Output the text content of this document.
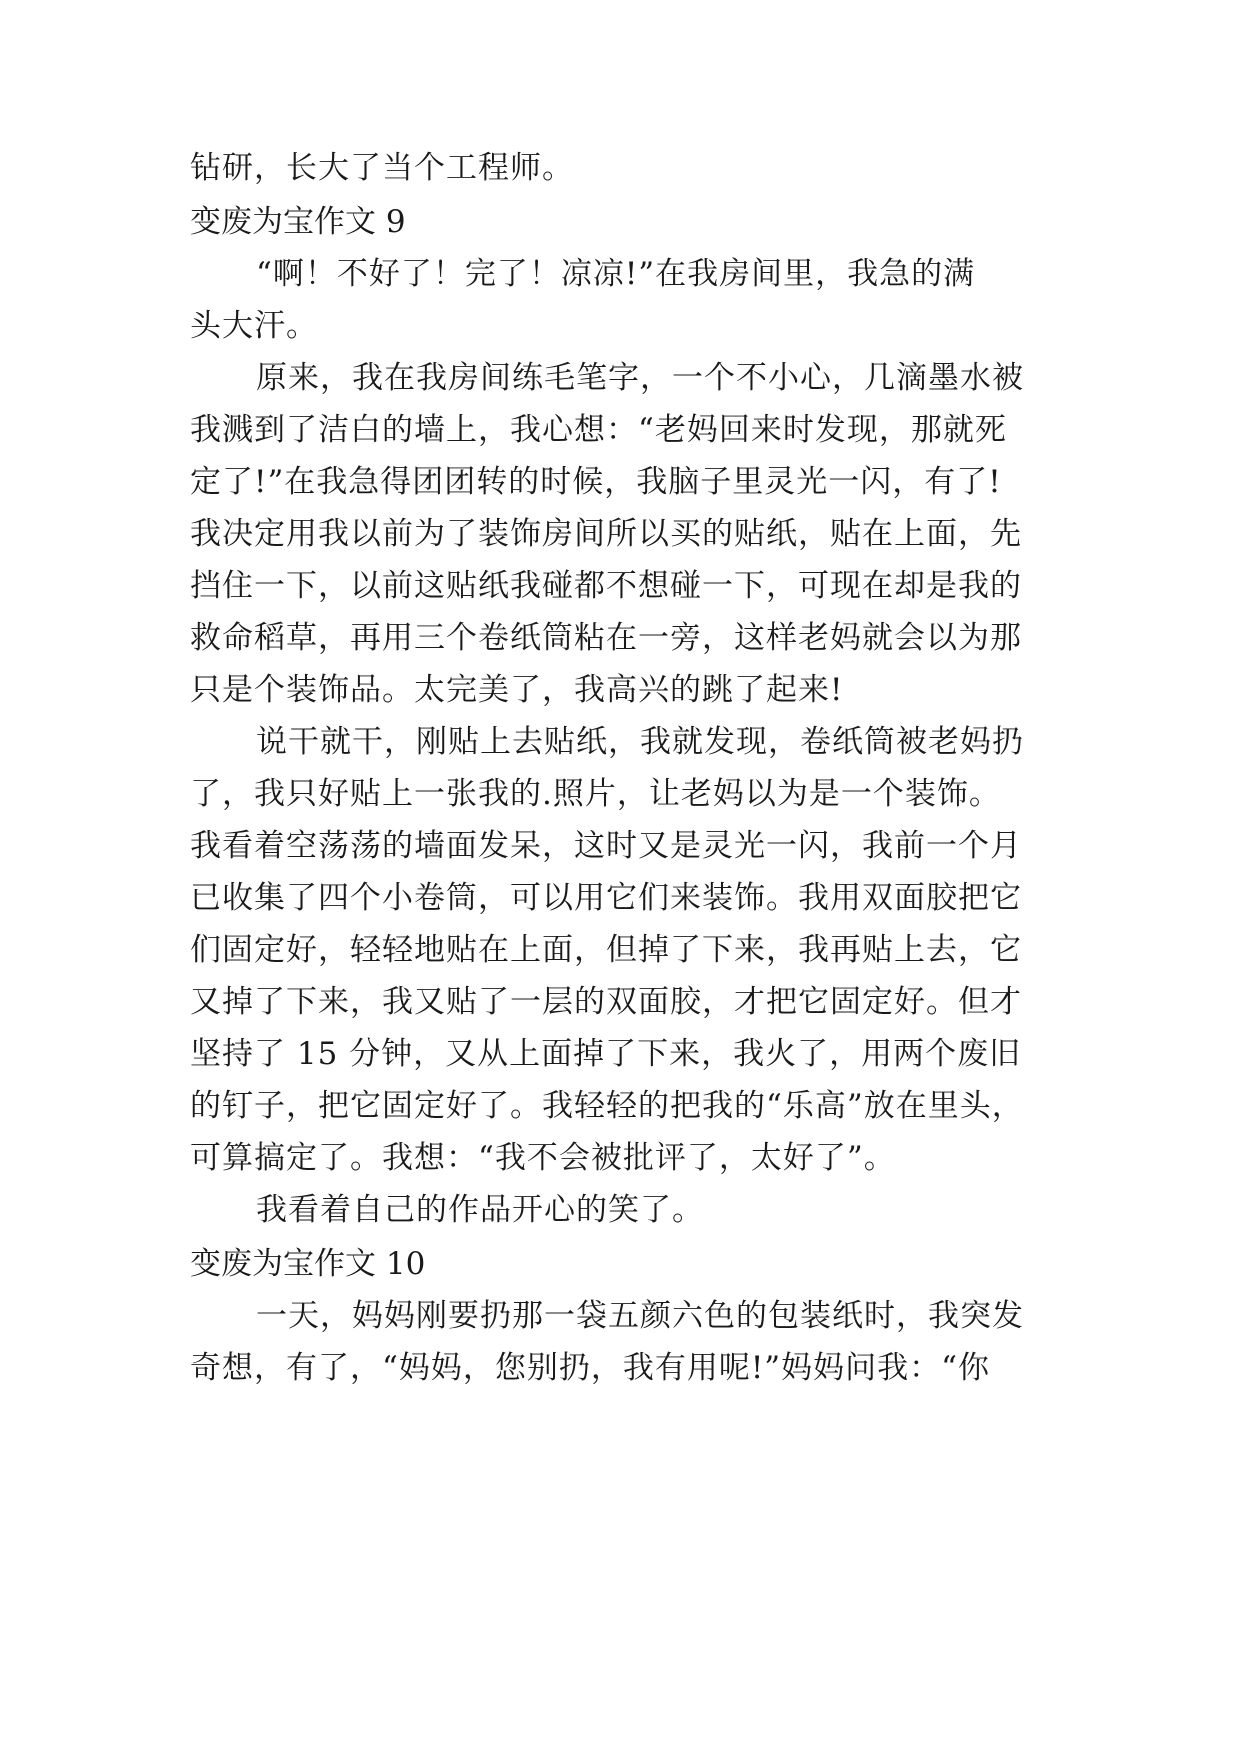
钻研，长大了当个工程师。
变废为宝作文 9
“啊！不好了！完了！凉凉!”在我房间里，我急的满
头大汗。
原来，我在我房间练毛笔字，一个不小心，几滴墨水被
我溅到了洁白的墙上，我心想：“老妈回来时发现，那就死
定了!”在我急得团团转的时候，我脑子里灵光一闪，有了!
我决定用我以前为了装饰房间所以买的贴纸，贴在上面，先
挡住一下，以前这贴纸我碰都不想碰一下，可现在却是我的
救命稻草，再用三个卷纸筒粘在一旁，这样老妈就会以为那
只是个装饰品。太完美了，我高兴的跳了起来!
说干就干，刚贴上去贴纸，我就发现，卷纸筒被老妈扔
了，我只好贴上一张我的.照片，让老妈以为是一个装饰。
我看着空荡荡的墙面发呆，这时又是灵光一闪，我前一个月
已收集了四个小卷筒，可以用它们来装饰。我用双面胶把它
们固定好，轻轻地贴在上面，但掉了下来，我再贴上去，它
又掉了下来，我又贴了一层的双面胶，才把它固定好。但才
坚持了 15 分钟，又从上面掉了下来，我火了，用两个废旧
的钉子，把它固定好了。我轻轻的把我的“乐高”放在里头，
可算搞定了。我想：“我不会被批评了，太好了”。
我看着自己的作品开心的笑了。
变废为宝作文 10
一天，妈妈刚要扔那一袋五颜六色的包装纸时，我突发
奇想，有了，“妈妈，您别扔，我有用呢!”妈妈问我：“你
